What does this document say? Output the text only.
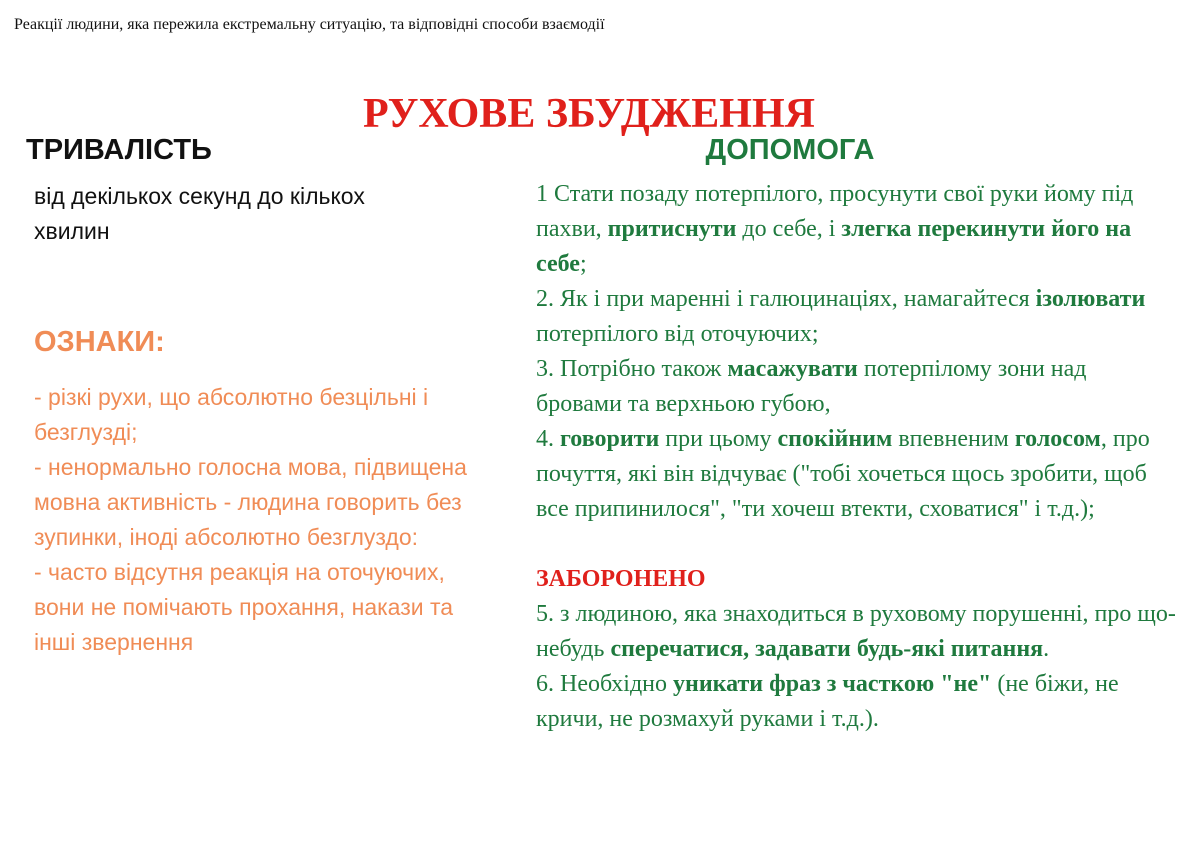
Реакції людини, яка пережила екстремальну ситуацію, та відповідні способи взаємодії
РУХОВЕ ЗБУДЖЕННЯ
ТРИВАЛІСТЬ
від декількох секунд до кількох хвилин
ОЗНАКИ:
- різкі рухи, що абсолютно безцільні і безглузді;
- ненормально голосна мова, підвищена мовна активність - людина говорить без зупинки, іноді абсолютно безглуздо:
- часто відсутня реакція на оточуючих, вони не помічають прохання, накази та інші звернення
ДОПОМОГА

1 Стати позаду потерпілого, просунути свої руки йому під пахви, притиснути до себе, і злегка перекинути його на себе;

2. Як і при маренні і галюцинаціях, намагайтеся ізолювати потерпілого від оточуючих;

3. Потрібно також масажувати потерпілому зони над бровами та верхньою губою,

4. говорити при цьому спокійним впевненим голосом, про почуття, які він відчуває ("тобі хочеться щось зробити, щоб все припинилося", "ти хочеш втекти, сховатися" і т.д.);

ЗАБОРОНЕНО

5. з людиною, яка знаходиться в руховому порушенні, про що-небудь сперечатися, задавати будь-які питання.

6. Необхідно уникати фраз з часткою "не" (не біжи, не кричи, не розмахуй руками і т.д.).
